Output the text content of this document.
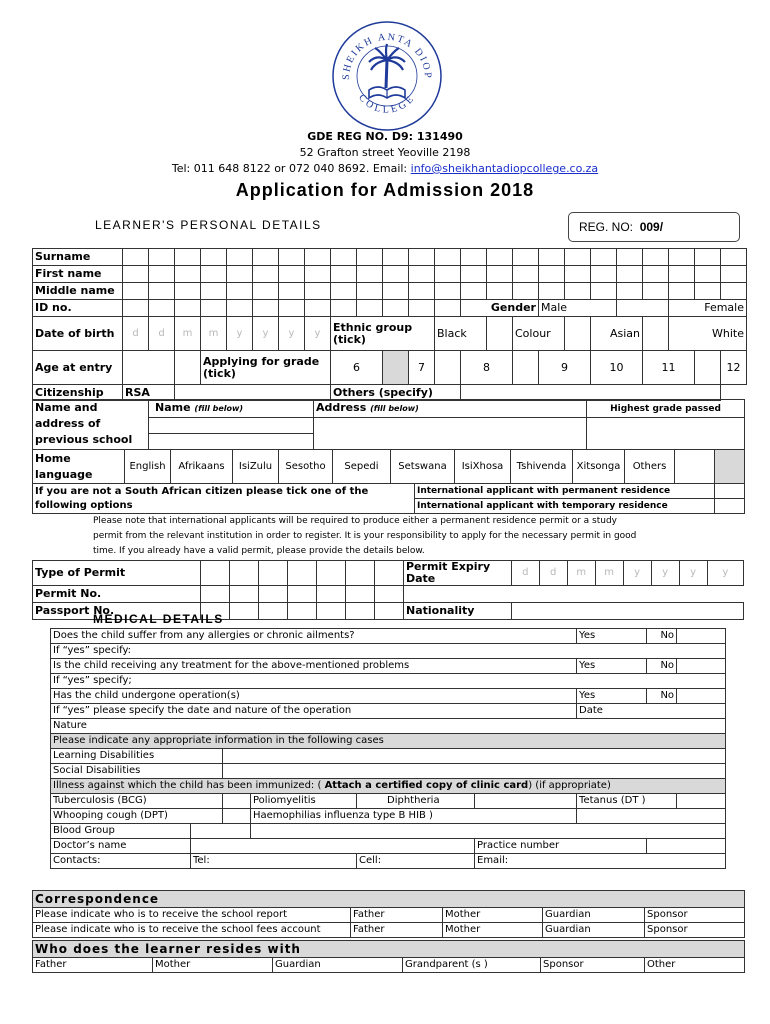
SHEIKH ANTA DIOP
COLLEGE
GDE REG NO. D9: 131490
52 Grafton street Yeoville 2198
Tel: 011 648 8122 or 072 040 8692. Email: info@sheikhantadiopcollege.co.za
Application for Admission 2018
LEARNER'S PERSONAL DETAILS	REG. NO: 009/
Surname																								
First name																								
Middle name																								
ID no.														Gender			Male					Female		
Date of birth	d	d	m	m	y	y	y	y	Ethnic group (tick)				Black			Colour			Asian			White		
Age at entry				Applying for grade (tick)					6			7		8			9		10		11			12
Citizenship	RSA								Others (specify)															
Name and address of previous school	Name (fill below)	Address (fill below)	Highest grade passed

Home language	English	Afrikaans	IsiZulu	Sesotho	Sepedi	Setswana	IsiXhosa	Tshivenda	Xitsonga	Others		
If you are not a South African citizen please tick one of the following options	International applicant with permanent residence	
	International applicant with temporary residence	
Please note that international applicants will be required to produce either a permanent residence permit or a study
permit from the relevant institution in order to register. It is your responsibility to apply for the necessary permit in good
time. If you already have a valid permit, please provide the details below.
Type of Permit								Permit Expiry Date	d	d	m	m	y	y	y	y
Permit No.																
Passport No.								Nationality								
MEDICAL DETAILS
Does the child suffer from any allergies or chronic ailments?						Yes	No	
If “yes” specify:								
Is the child receiving any treatment for the above-mentioned problems						Yes	No	
If “yes” specify;								
Has the child undergone operation(s)						Yes	No	
If “yes” please specify the date and nature of the operation						Date		
Nature								
Please indicate any appropriate information in the following cases								
Learning Disabilities								
Social Disabilities								
Illness against which the child has been immunized: ( Attach a certified copy of clinic card) (if appropriate)								
Tuberculosis (BCG)			Poliomyelitis	Diphtheria		Tetanus (DT )		
Whooping cough (DPT)			Haemophilias influenza type B HIB )					
Blood Group								
Doctor’s name					Practice number			
Contacts:	Tel:			Cell:	Email:			
Correspondence				
Please indicate who is to receive the school report	Father	Mother	Guardian	Sponsor
Please indicate who is to receive the school fees account	Father	Mother	Guardian	Sponsor
Who does the learner resides with
Father	Mother	Guardian	Grandparent (s )	Sponsor	Other
